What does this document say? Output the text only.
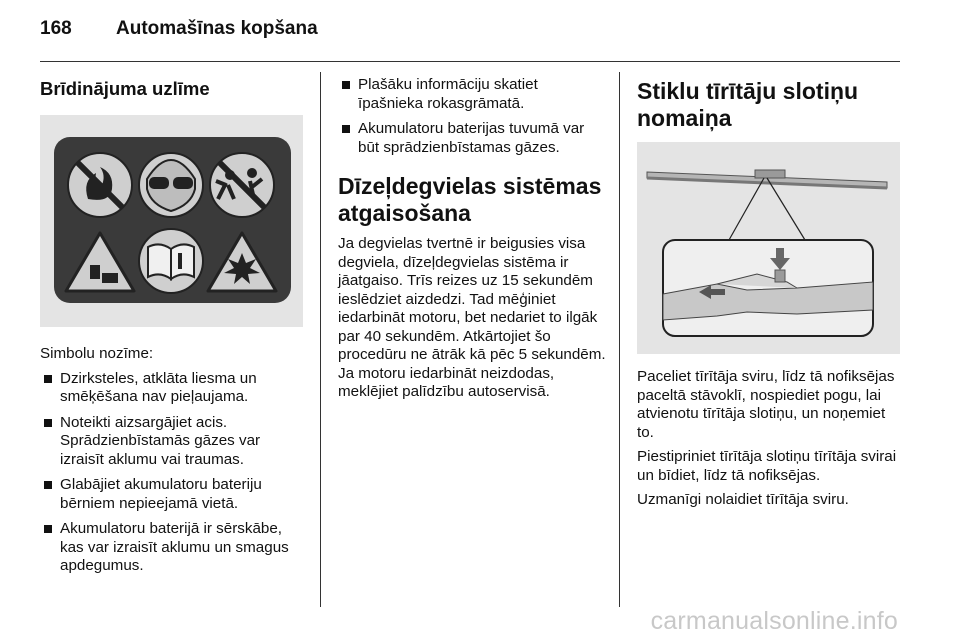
168 Automašīnas kopšana
Brīdinājuma uzlīme

Simbolu nozīme:

Dzirksteles, atklāta liesma un smēķēšana nav pieļaujama.
Noteikti aizsargājiet acis. Sprādzienbīstamās gāzes var izraisīt aklumu vai traumas.
Glabājiet akumulatoru bateriju bērniem nepieejamā vietā.
Akumulatoru baterijā ir sērskābe, kas var izraisīt aklumu un smagus apdegumus.
Plašāku informāciju skatiet īpašnieka rokasgrāmatā.
Akumulatoru baterijas tuvumā var būt sprādzienbīstamas gāzes.
Dīzeļdegvielas sistēmas atgaisošana

Ja degvielas tvertnē ir beigusies visa degviela, dīzeļdegvielas sistēma ir jāatgaiso. Trīs reizes uz 15 sekundēm ieslēdziet aizdedzi. Tad mēģiniet iedarbināt motoru, bet nedariet to ilgāk par 40 sekundēm. Atkārtojiet šo procedūru ne ātrāk kā pēc 5 sekundēm. Ja motoru iedarbināt neizdodas, meklējiet palīdzību autoservisā.

Stiklu tīrītāju slotiņu nomaiņa

Paceliet tīrītāja sviru, līdz tā nofiksējas paceltā stāvoklī, nospiediet pogu, lai atvienotu tīrītāja slotiņu, un noņemiet to.

Piestipriniet tīrītāja slotiņu tīrītāja svirai un bīdiet, līdz tā nofiksējas.

Uzmanīgi nolaidiet tīrītāja sviru.

carmanualsonline.info
